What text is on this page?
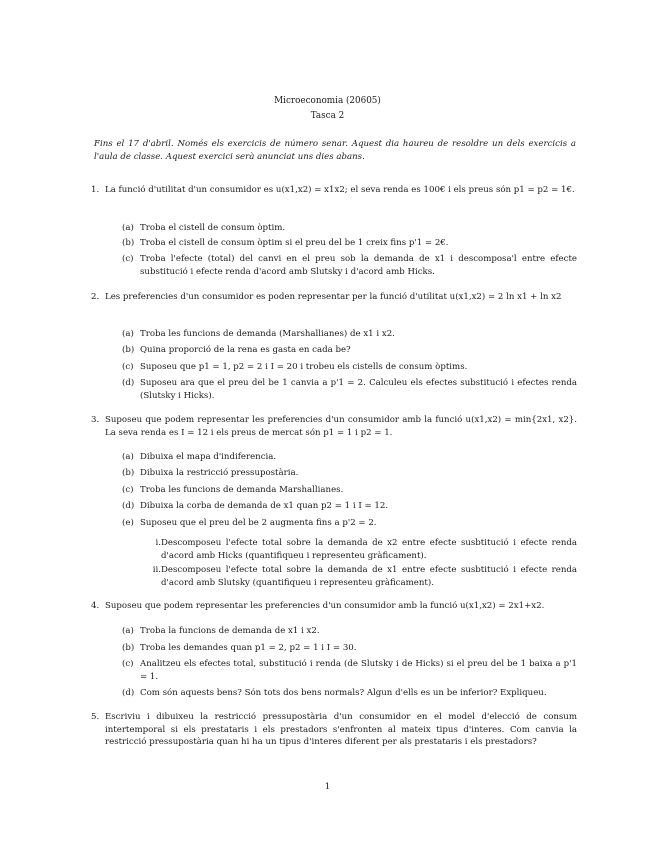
Microeconomia (20605)
Tasca 2
Fins el 17 d'abril. Només els exercicis de número senar. Aquest dia haureu de resoldre un dels exercicis a l'aula de classe. Aquest exercici serà anunciat uns dies abans.
1. La funció d'utilitat d'un consumidor es u(x1,x2) = x1x2; el seva renda es 100€ i els preus són p1 = p2 = 1€.
(a) Troba el cistell de consum òptim.
(b) Troba el cistell de consum òptim si el preu del be 1 creix fins p'1 = 2€.
(c) Troba l'efecte (total) del canvi en el preu sob la demanda de x1 i descomposa'l entre efecte substitució i efecte renda d'acord amb Slutsky i d'acord amb Hicks.
2. Les preferencies d'un consumidor es poden representar per la funció d'utilitat u(x1,x2) = 2 ln x1 + ln x2
(a) Troba les funcions de demanda (Marshallianes) de x1 i x2.
(b) Quina proporció de la rena es gasta en cada be?
(c) Suposeu que p1 = 1, p2 = 2 i I = 20 i trobeu els cistells de consum òptims.
(d) Suposeu ara que el preu del be 1 canvia a p'1 = 2. Calculeu els efectes substitució i efectes renda (Slutsky i Hicks).
3. Suposeu que podem representar les preferencies d'un consumidor amb la funció u(x1,x2) = min{2x1, x2}. La seva renda es I = 12 i els preus de mercat són p1 = 1 i p2 = 1.
(a) Dibuixa el mapa d'indiferencia.
(b) Dibuixa la restricció pressupostària.
(c) Troba les funcions de demanda Marshallianes.
(d) Dibuixa la corba de demanda de x1 quan p2 = 1 i I = 12.
(e) Suposeu que el preu del be 2 augmenta fins a p'2 = 2.
i. Descomposeu l'efecte total sobre la demanda de x2 entre efecte susbtitució i efecte renda d'acord amb Hicks (quantifiqueu i representeu gràficament).
ii. Descomposeu l'efecte total sobre la demanda de x1 entre efecte susbtitució i efecte renda d'acord amb Slutsky (quantifiqueu i representeu gràficament).
4. Suposeu que podem representar les preferencies d'un consumidor amb la funció u(x1,x2) = 2x1+x2.
(a) Troba la funcions de demanda de x1 i x2.
(b) Troba les demandes quan p1 = 2, p2 = 1 i I = 30.
(c) Analitzeu els efectes total, substitució i renda (de Slutsky i de Hicks) si el preu del be 1 baixa a p'1 = 1.
(d) Com són aquests bens? Són tots dos bens normals? Algun d'ells es un be inferior? Expliqueu.
5. Escriviu i dibuixeu la restricció pressupostària d'un consumidor en el model d'elecció de consum intertemporal si els prestataris i els prestadors s'enfronten al mateix tipus d'interes. Com canvia la restricció pressupostària quan hi ha un tipus d'interes diferent per als prestataris i els prestadors?
1
